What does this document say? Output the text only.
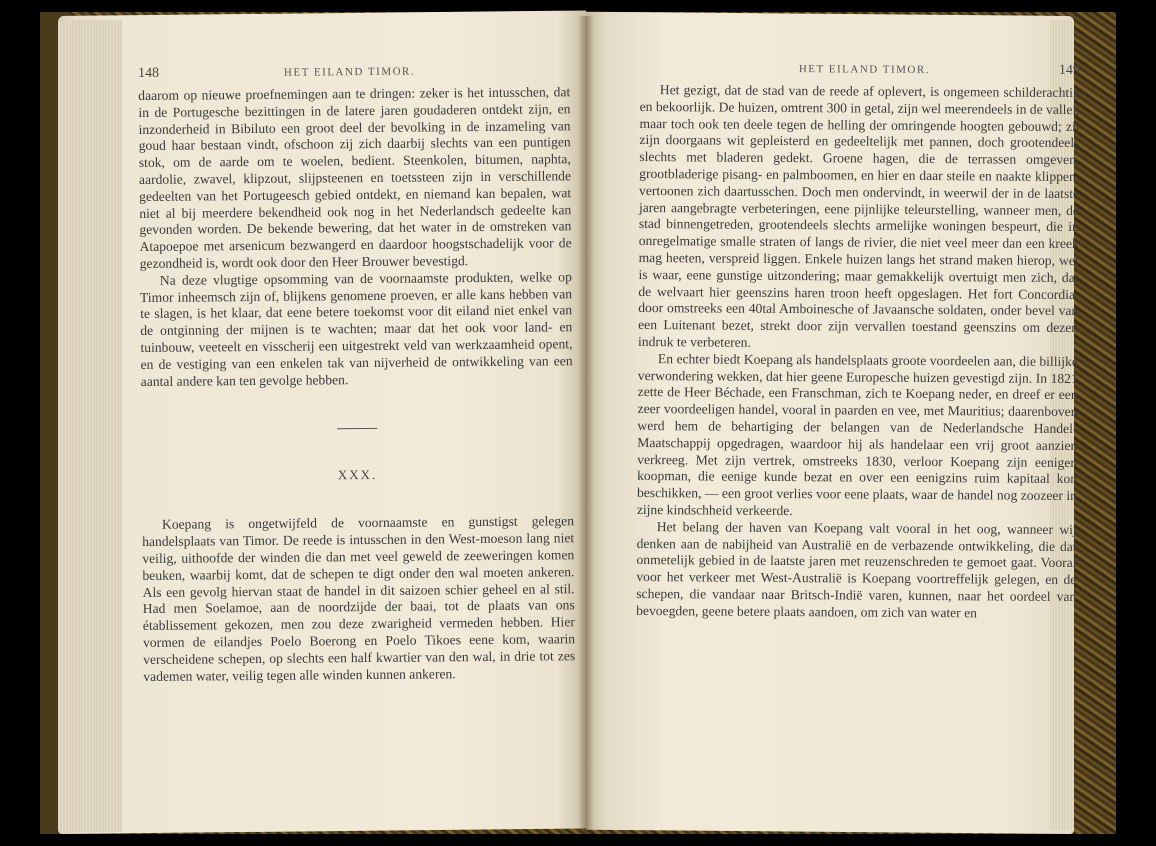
148	HET EILAND TIMOR.

daarom op nieuwe proefnemingen aan te dringen: zeker is het intusschen, dat in de Portugesche bezittingen in de latere jaren goudaderen ontdekt zijn, en inzonderheid in Bibiluto een groot deel der bevolking in de inzameling van goud haar bestaan vindt, ofschoon zij zich daarbij slechts van een puntigen stok, om de aarde om te woelen, bedient. Steenkolen, bitumen, naphta, aardolie, zwavel, klipzout, slijpsteenen en toetssteen zijn in verschillende gedeelten van het Portugeesch gebied ontdekt, en niemand kan bepalen, wat niet al bij meerdere bekendheid ook nog in het Nederlandsch gedeelte kan gevonden worden. De bekende bewering, dat het water in de omstreken van Atapoepoe met arsenicum bezwangerd en daardoor hoogstschadelijk voor de gezondheid is, wordt ook door den Heer Brouwer bevestigd.

Na deze vlugtige opsomming van de voornaamste produkten, welke op Timor inheemsch zijn of, blijkens genomene proeven, er alle kans hebben van te slagen, is het klaar, dat eene betere toekomst voor dit eiland niet enkel van de ontginning der mijnen is te wachten; maar dat het ook voor land- en tuinbouw, veeteelt en visscherij een uitgestrekt veld van werkzaamheid opent, en de vestiging van een enkelen tak van nijverheid de ontwikkeling van een aantal andere kan ten gevolge hebben.

XXX.

Koepang is ongetwijfeld de voornaamste en gunstigst gelegen handelsplaats van Timor. De reede is intusschen in den West-moeson lang niet veilig, uithoofde der winden die dan met veel geweld de zeeweringen komen beuken, waarbij komt, dat de schepen te digt onder den wal moeten ankeren. Als een gevolg hiervan staat de handel in dit saizoen schier geheel en al stil. Had men Soelamoe, aan de noordzijde der baai, tot de plaats van ons établissement gekozen, men zou deze zwarigheid vermeden hebben. Hier vormen de eilandjes Poelo Boerong en Poelo Tikoes eene kom, waarin verscheidene schepen, op slechts een half kwartier van den wal, in drie tot zes vademen water, veilig tegen alle winden kunnen ankeren.

HET EILAND TIMOR.	149

Het gezigt, dat de stad van de reede af oplevert, is ongemeen schilderachtig en bekoorlijk. De huizen, omtrent 300 in getal, zijn wel meerendeels in de vallei, maar toch ook ten deele tegen de helling der omringende hoogten gebouwd; zij zijn doorgaans wit gepleisterd en gedeeltelijk met pannen, doch grootendeels slechts met bladeren gedekt. Groene hagen, die de terrassen omgeven, grootbladerige pisang- en palmboomen, en hier en daar steile en naakte klippen, vertoonen zich daartusschen. Doch men ondervindt, in weerwil der in de laatste jaren aangebragte verbeteringen, eene pijnlijke teleurstelling, wanneer men, de stad binnengetreden, grootendeels slechts armelijke woningen bespeurt, die in onregelmatige smalle straten of langs de rivier, die niet veel meer dan een kreek mag heeten, verspreid liggen. Enkele huizen langs het strand maken hierop, wel is waar, eene gunstige uitzondering; maar gemakkelijk overtuigt men zich, dat de welvaart hier geenszins haren troon heeft opgeslagen. Het fort Concordia, door omstreeks een 40tal Amboinesche of Javaansche soldaten, onder bevel van een Luitenant bezet, strekt door zijn vervallen toestand geenszins om dezen indruk te verbeteren.

En echter biedt Koepang als handelsplaats groote voordeelen aan, die billijke verwondering wekken, dat hier geene Europesche huizen gevestigd zijn. In 1821 zette de Heer Béchade, een Franschman, zich te Koepang neder, en dreef er een zeer voordeeligen handel, vooral in paarden en vee, met Mauritius; daarenboven werd hem de behartiging der belangen van de Nederlandsche Handel-Maatschappij opgedragen, waardoor hij als handelaar een vrij groot aanzien verkreeg. Met zijn vertrek, omstreeks 1830, verloor Koepang zijn eenigen koopman, die eenige kunde bezat en over een eenigzins ruim kapitaal kon beschikken, — een groot verlies voor eene plaats, waar de handel nog zoozeer in zijne kindschheid verkeerde.

Het belang der haven van Koepang valt vooral in het oog, wanneer wij denken aan de nabijheid van Australië en de verbazende ontwikkeling, die dat onmetelijk gebied in de laatste jaren met reuzenschreden te gemoet gaat. Vooral voor het verkeer met West-Australië is Koepang voortreffelijk gelegen, en de schepen, die vandaar naar Britsch-Indië varen, kunnen, naar het oordeel van bevoegden, geene betere plaats aandoen, om zich van water en
